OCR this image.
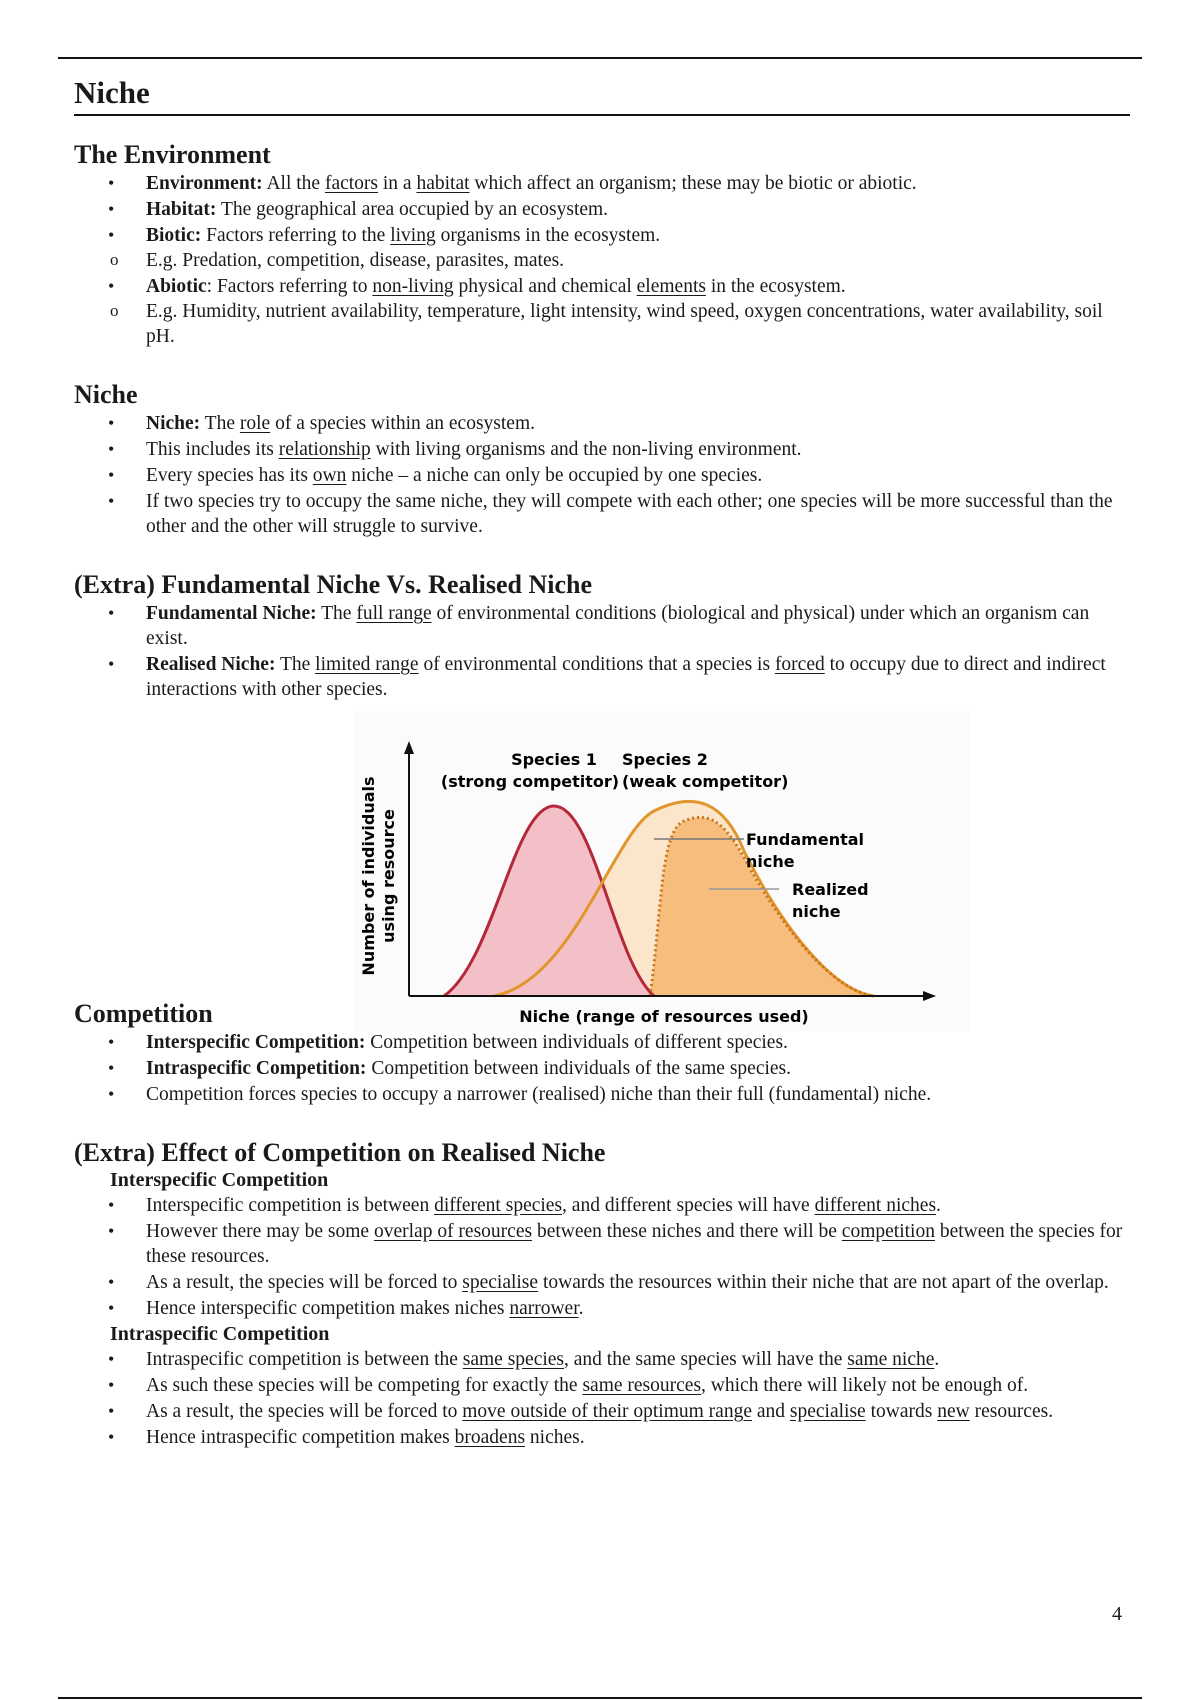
Niche
The Environment
• Environment: All the factors in a habitat which affect an organism; these may be biotic or abiotic.
• Habitat: The geographical area occupied by an ecosystem.
• Biotic: Factors referring to the living organisms in the ecosystem.
o E.g. Predation, competition, disease, parasites, mates.
• Abiotic: Factors referring to non-living physical and chemical elements in the ecosystem.
o E.g. Humidity, nutrient availability, temperature, light intensity, wind speed, oxygen concentrations, water availability, soil pH.
Niche
• Niche: The role of a species within an ecosystem.
• This includes its relationship with living organisms and the non-living environment.
• Every species has its own niche – a niche can only be occupied by one species.
• If two species try to occupy the same niche, they will compete with each other; one species will be more successful than the other and the other will struggle to survive.
(Extra) Fundamental Niche Vs. Realised Niche
• Fundamental Niche: The full range of environmental conditions (biological and physical) under which an organism can exist.
• Realised Niche: The limited range of environmental conditions that a species is forced to occupy due to direct and indirect interactions with other species.
Species 1
(strong competitor)
Species 2
(weak competitor)
Fundamental
niche
Realized
niche
Niche (range of resources used)
Number of individuals using resource
Competition
• Interspecific Competition: Competition between individuals of different species.
• Intraspecific Competition: Competition between individuals of the same species.
• Competition forces species to occupy a narrower (realised) niche than their full (fundamental) niche.
(Extra) Effect of Competition on Realised Niche
Interspecific Competition
• Interspecific competition is between different species, and different species will have different niches.
• However there may be some overlap of resources between these niches and there will be competition between the species for these resources.
• As a result, the species will be forced to specialise towards the resources within their niche that are not apart of the overlap.
• Hence interspecific competition makes niches narrower.
Intraspecific Competition
• Intraspecific competition is between the same species, and the same species will have the same niche.
• As such these species will be competing for exactly the same resources, which there will likely not be enough of.
• As a result, the species will be forced to move outside of their optimum range and specialise towards new resources.
• Hence intraspecific competition makes broadens niches.
4
